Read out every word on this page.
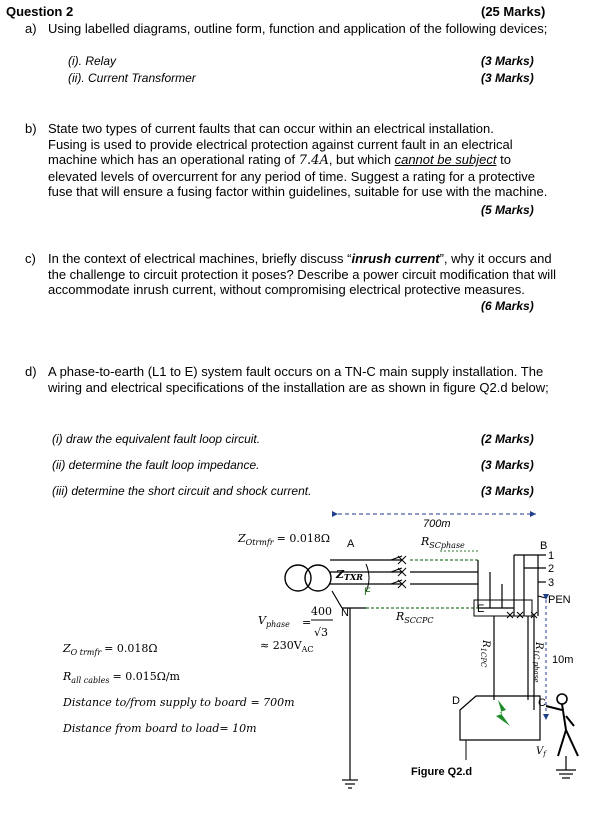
Question 2	(25 Marks)
a) Using labelled diagrams, outline form, function and application of the following devices;
(i). Relay	(3 Marks)
(ii). Current Transformer	(3 Marks)
b) State two types of current faults that can occur within an electrical installation.
Fusing is used to provide electrical protection against current fault in an electrical
machine which has an operational rating of 7.4A, but which cannot be subject to
elevated levels of overcurrent for any period of time. Suggest a rating for a protective
fuse that will ensure a fusing factor within guidelines, suitable for use with the machine.
(5 Marks)
c) In the context of electrical machines, briefly discuss “inrush current”, why it occurs and
the challenge to circuit protection it poses? Describe a power circuit modification that will
accommodate inrush current, without compromising electrical protective measures.
(6 Marks)
d) A phase-to-earth (L1 to E) system fault occurs on a TN-C main supply installation. The
wiring and electrical specifications of the installation are as shown in figure Q2.d below;
(i) draw the equivalent fault loop circuit.	(2 Marks)
(ii) determine the fault loop impedance.	(3 Marks)
(iii) determine the short circuit and shock current.	(3 Marks)
700m
$Z_{Otrmfr} = 0.018\Omega$ A	$R_{SCphase}$
ZTXR
N
F
$R_{SCCPC}$
E
B
1
2
3
PEN
10m
$R_{1CPC}$
$R_{1C phase}$
D	C
$V_f$
$V_{phase}$ =
400
√3
≈ $230V_{AC}$
$Z_{O trmfr} = 0.018\Omega$
$R_{all cables} = 0.015\Omega/m$
Distance to/from supply to board = 700m
Distance from board to load= 10m
Figure Q2.d
